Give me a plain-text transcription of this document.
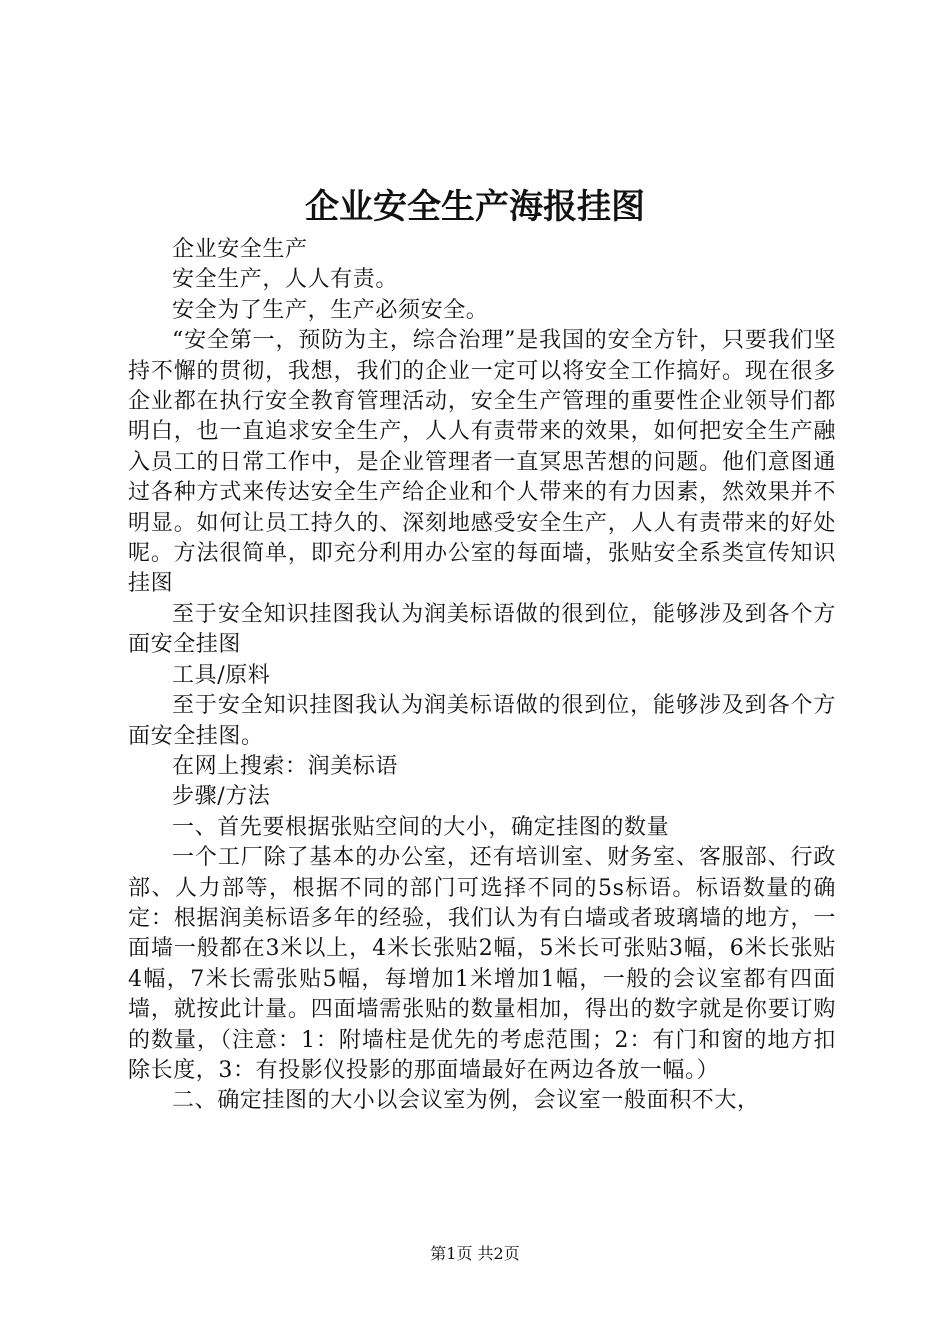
企业安全生产海报挂图

企业安全生产

安全生产，人人有责。

安全为了生产，生产必须安全。

“安全第一，预防为主，综合治理”是我国的安全方针，只要我们坚持不懈的贯彻，我想，我们的企业一定可以将安全工作搞好。现在很多企业都在执行安全教育管理活动，安全生产管理的重要性企业领导们都明白，也一直追求安全生产，人人有责带来的效果，如何把安全生产融入员工的日常工作中，是企业管理者一直冥思苦想的问题。他们意图通过各种方式来传达安全生产给企业和个人带来的有力因素，然效果并不明显。如何让员工持久的、深刻地感受安全生产，人人有责带来的好处呢。方法很简单，即充分利用办公室的每面墙，张贴安全系类宣传知识挂图

至于安全知识挂图我认为润美标语做的很到位，能够涉及到各个方面安全挂图

工具/原料

至于安全知识挂图我认为润美标语做的很到位，能够涉及到各个方面安全挂图。

在网上搜索：润美标语

步骤/方法

一、首先要根据张贴空间的大小，确定挂图的数量

一个工厂除了基本的办公室，还有培训室、财务室、客服部、行政部、人力部等，根据不同的部门可选择不同的5s标语。标语数量的确定：根据润美标语多年的经验，我们认为有白墙或者玻璃墙的地方，一面墙一般都在3米以上，4米长张贴2幅，5米长可张贴3幅，6米长张贴4幅，7米长需张贴5幅，每增加1米增加1幅，一般的会议室都有四面墙，就按此计量。四面墙需张贴的数量相加，得出的数字就是你要订购的数量，（注意：1：附墙柱是优先的考虑范围；2：有门和窗的地方扣除长度，3：有投影仪投影的那面墙最好在两边各放一幅。）

二、确定挂图的大小以会议室为例，会议室一般面积不大，

第1页 共2页
